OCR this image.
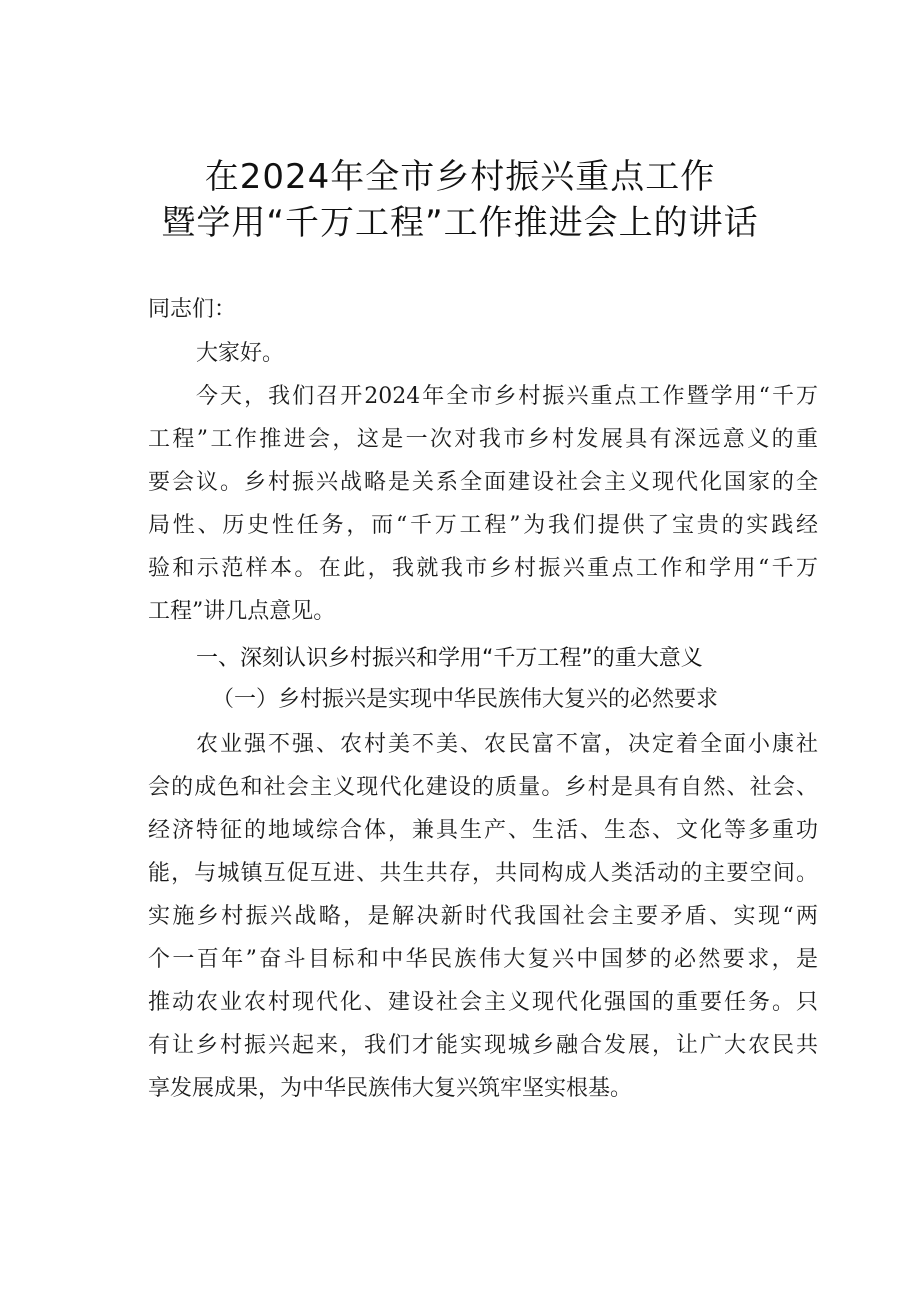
在2024年全市乡村振兴重点工作
暨学用“千万工程”工作推进会上的讲话
同志们：
大家好。
今天，我们召开2024年全市乡村振兴重点工作暨学用“千万
工程”工作推进会，这是一次对我市乡村发展具有深远意义的重
要会议。乡村振兴战略是关系全面建设社会主义现代化国家的全
局性、历史性任务，而“千万工程”为我们提供了宝贵的实践经
验和示范样本。在此，我就我市乡村振兴重点工作和学用“千万
工程”讲几点意见。
一、深刻认识乡村振兴和学用“千万工程”的重大意义
（一）乡村振兴是实现中华民族伟大复兴的必然要求
农业强不强、农村美不美、农民富不富，决定着全面小康社
会的成色和社会主义现代化建设的质量。乡村是具有自然、社会、
经济特征的地域综合体，兼具生产、生活、生态、文化等多重功
能，与城镇互促互进、共生共存，共同构成人类活动的主要空间。
实施乡村振兴战略，是解决新时代我国社会主要矛盾、实现“两
个一百年”奋斗目标和中华民族伟大复兴中国梦的必然要求，是
推动农业农村现代化、建设社会主义现代化强国的重要任务。只
有让乡村振兴起来，我们才能实现城乡融合发展，让广大农民共
享发展成果，为中华民族伟大复兴筑牢坚实根基。
